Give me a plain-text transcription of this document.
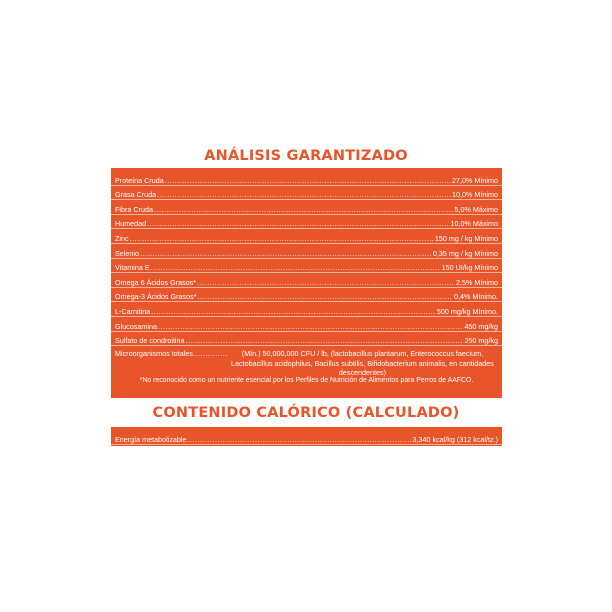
ANÁLISIS GARANTIZADO
Proteína Cruda .....	27,0% Mínimo
Grasa Cruda .....	10,0% Mínimo
Fibra Cruda .....	5,0% Máximo
Humedad .....	10,0% Máximo
Zinc .....	150 mg / kg Mínimo
Selenio .....	0,35 mg / kg Mínimo
Vitamina E .....	150 UI/kg Mínimo
Omega 6 Ácidos Grasos* .....	2,5% Mínimo
Omega-3 Ácidos Grasos* .....	0,4% Mínimo.
L-Carnitina .....	500 mg/kg Mínimo.
Glucosamina .....	450 mg/kg
Sulfato de condroitina .....	250 mg/kg
Microorganismos totales .....	(Mín.) 50,000,000 CFU / lb, (lactobacillus plantarum, Enterococcus faecium, Lactobacillus acidophilus, Bacillus subtilis, Bifidobacterium animalis, en cantidades descendentes)
*No reconocido como un nutriente esencial por los Perfiles de Nutrición de Alimentos para Perros de AAFCO.
CONTENIDO CALÓRICO (CALCULADO)
Energía metabolizable .....	3,340 kcal/kg (312 kcal/tz.)
